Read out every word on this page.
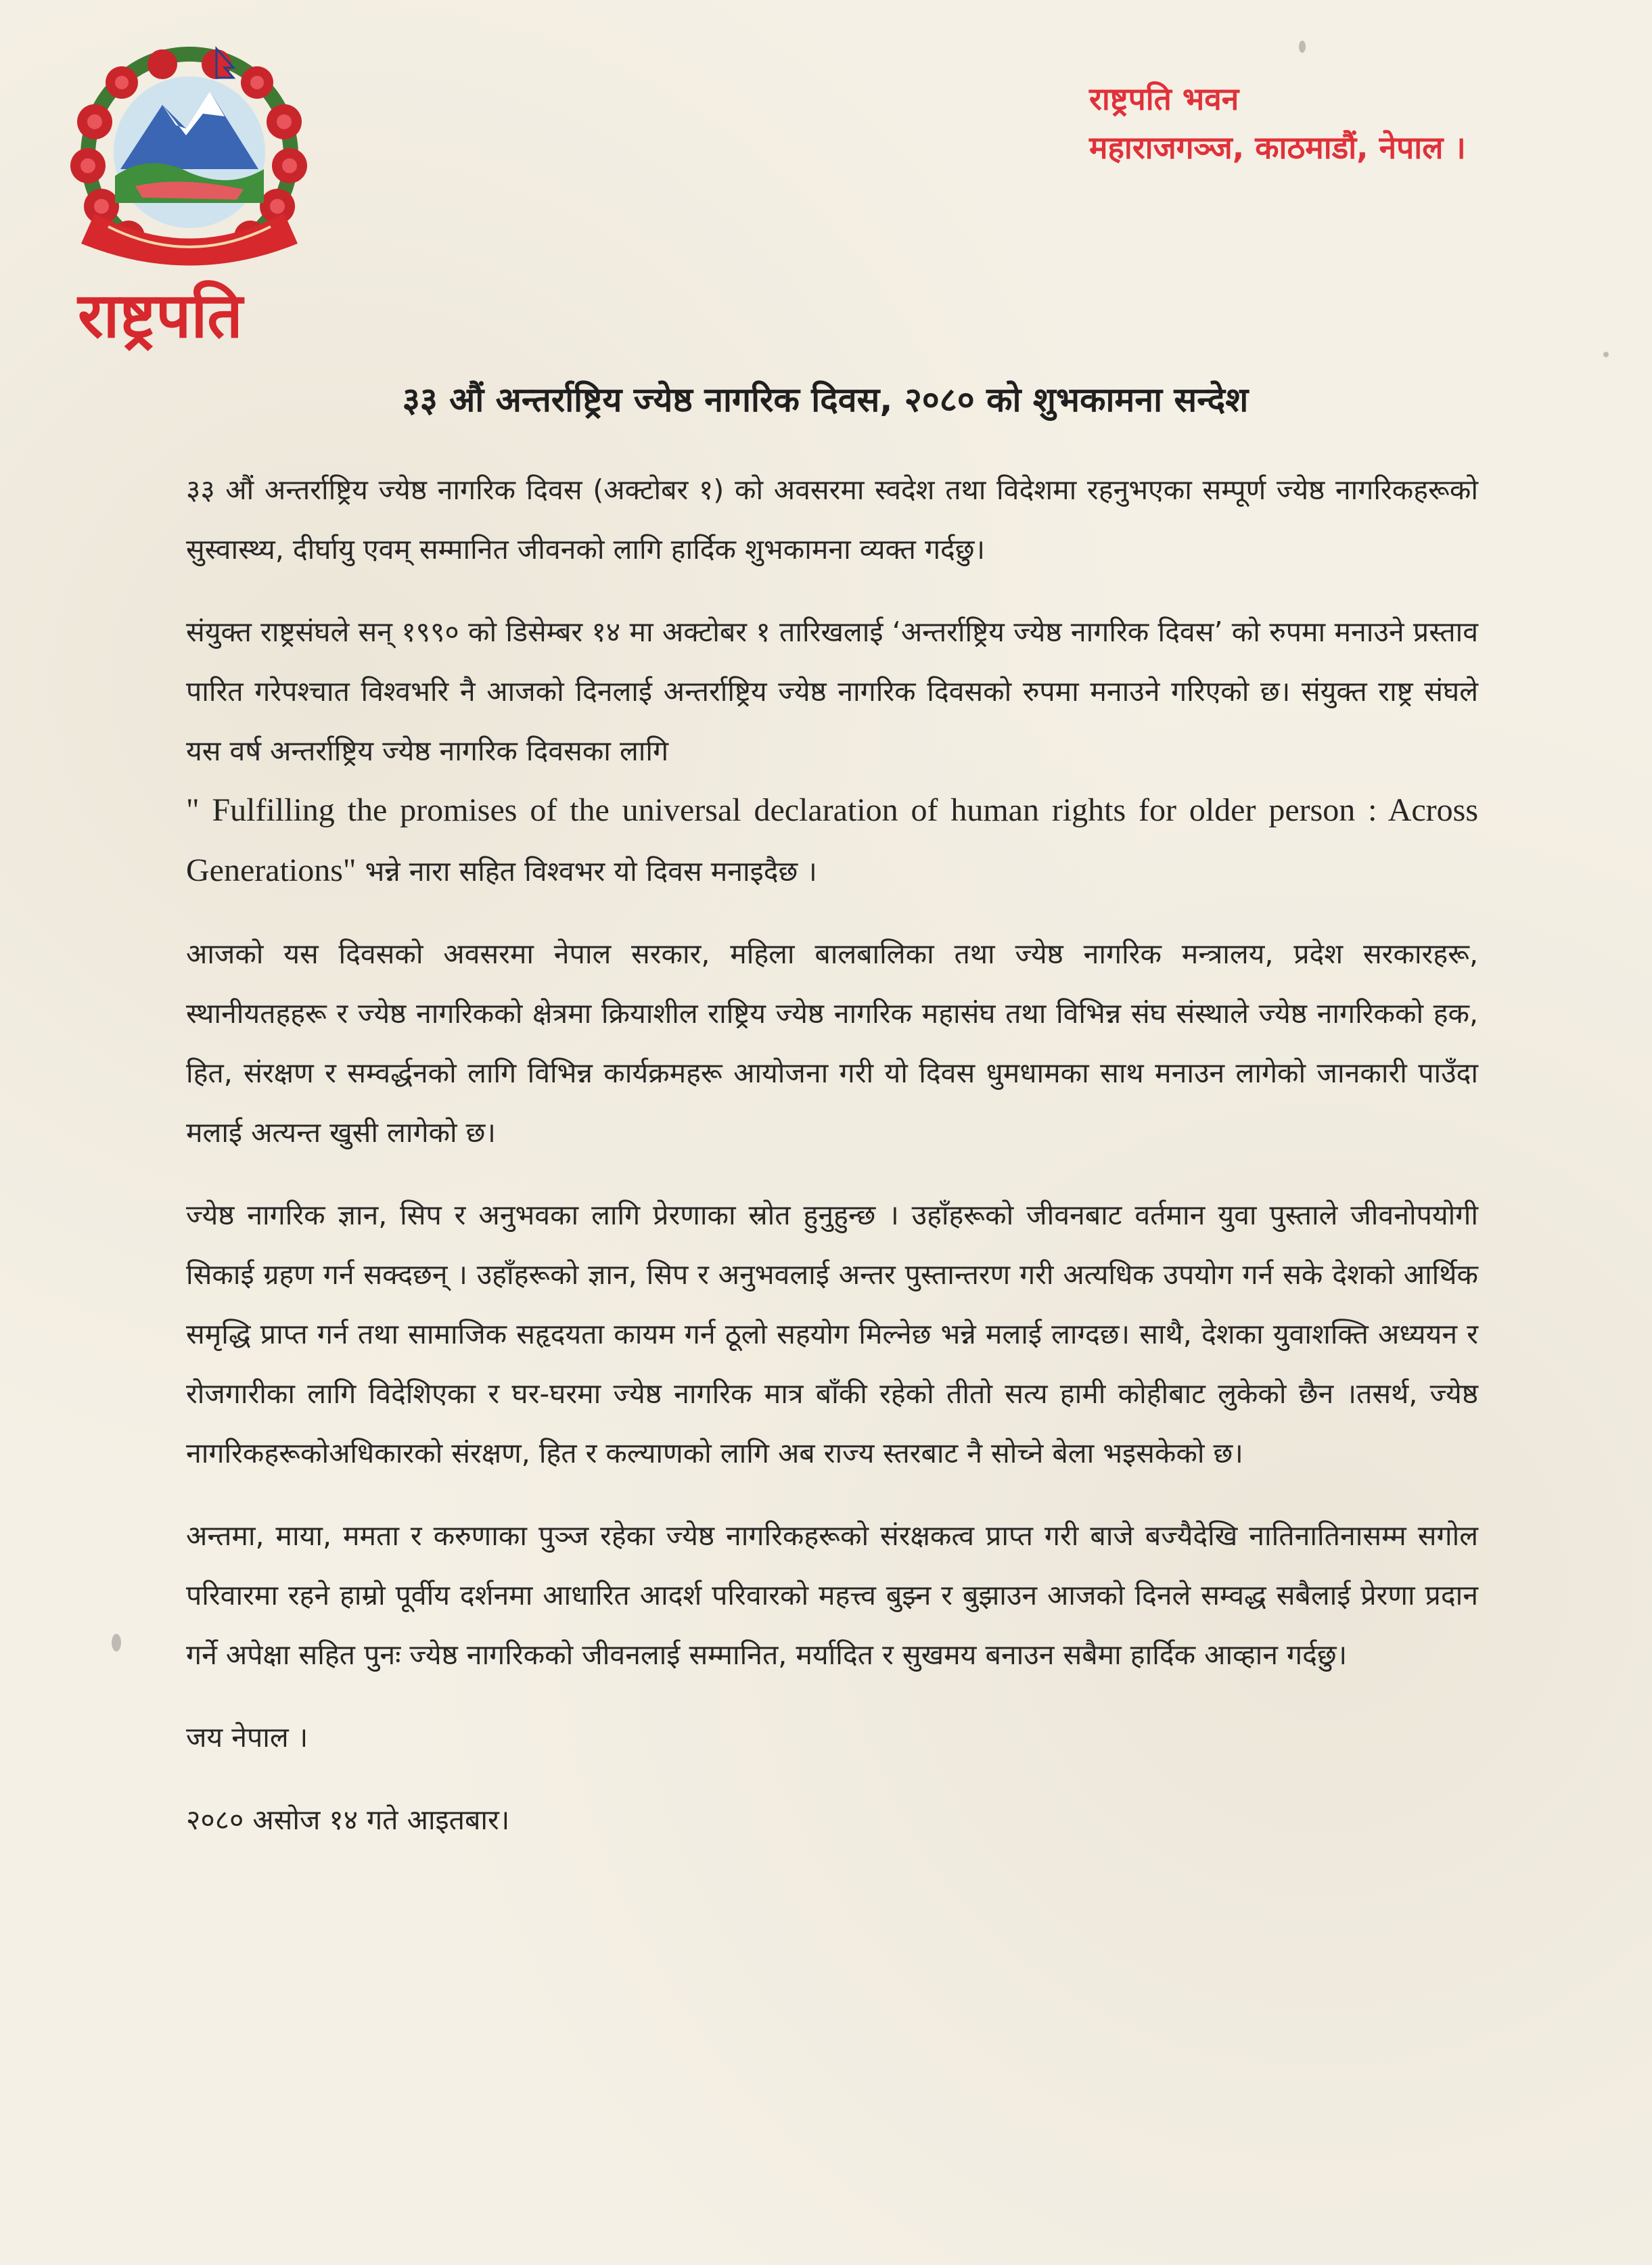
राष्ट्रपति
राष्ट्रपति भवन
महाराजगञ्ज, काठमाडौं, नेपाल ।
३३ औं अन्तर्राष्ट्रिय ज्येष्ठ नागरिक दिवस, २०८० को शुभकामना सन्देश

३३ औं अन्तर्राष्ट्रिय ज्येष्ठ नागरिक दिवस (अक्टोबर १) को अवसरमा स्वदेश तथा विदेशमा रहनुभएका सम्पूर्ण ज्येष्ठ नागरिकहरूको सुस्वास्थ्य, दीर्घायु एवम् सम्मानित जीवनको लागि हार्दिक शुभकामना व्यक्त गर्दछु।

संयुक्त राष्ट्रसंघले सन् १९९० को डिसेम्बर १४ मा अक्टोबर १ तारिखलाई ‘अन्तर्राष्ट्रिय ज्येष्ठ नागरिक दिवस’ को रुपमा मनाउने प्रस्ताव पारित गरेपश्चात विश्वभरि नै आजको दिनलाई अन्तर्राष्ट्रिय ज्येष्ठ नागरिक दिवसको रुपमा मनाउने गरिएको छ। संयुक्त राष्ट्र संघले यस वर्ष अन्तर्राष्ट्रिय ज्येष्ठ नागरिक दिवसका लागि
" Fulfilling the promises of the universal declaration of human rights for older person : Across Generations" भन्ने नारा सहित विश्वभर यो दिवस मनाइदैछ ।

आजको यस दिवसको अवसरमा नेपाल सरकार, महिला बालबालिका तथा ज्येष्ठ नागरिक मन्त्रालय, प्रदेश सरकारहरू, स्थानीयतहहरू र ज्येष्ठ नागरिकको क्षेत्रमा क्रियाशील राष्ट्रिय ज्येष्ठ नागरिक महासंघ तथा विभिन्न संघ संस्थाले ज्येष्ठ नागरिकको हक, हित, संरक्षण र सम्वर्द्धनको लागि विभिन्न कार्यक्रमहरू आयोजना गरी यो दिवस धुमधामका साथ मनाउन लागेको जानकारी पाउँदा मलाई अत्यन्त खुसी लागेको छ।

ज्येष्ठ नागरिक ज्ञान, सिप र अनुभवका लागि प्रेरणाका स्रोत हुनुहुन्छ । उहाँहरूको जीवनबाट वर्तमान युवा पुस्ताले जीवनोपयोगी सिकाई ग्रहण गर्न सक्दछन् । उहाँहरूको ज्ञान, सिप र अनुभवलाई अन्तर पुस्तान्तरण गरी अत्यधिक उपयोग गर्न सके देशको आर्थिक समृद्धि प्राप्त गर्न तथा सामाजिक सहृदयता कायम गर्न ठूलो सहयोग मिल्नेछ भन्ने मलाई लाग्दछ। साथै, देशका युवाशक्ति अध्ययन र रोजगारीका लागि विदेशिएका र घर-घरमा ज्येष्ठ नागरिक मात्र बाँकी रहेको तीतो सत्य हामी कोहीबाट लुकेको छैन ।तसर्थ, ज्येष्ठ नागरिकहरूकोअधिकारको संरक्षण, हित र कल्याणको लागि अब राज्य स्तरबाट नै सोच्ने बेला भइसकेको छ।

अन्तमा, माया, ममता र करुणाका पुञ्ज रहेका ज्येष्ठ नागरिकहरूको संरक्षकत्व प्राप्त गरी बाजे बज्यैदेखि नातिनातिनासम्म सगोल परिवारमा रहने हाम्रो पूर्वीय दर्शनमा आधारित आदर्श परिवारको महत्त्व बुझ्न र बुझाउन आजको दिनले सम्वद्ध सबैलाई प्रेरणा प्रदान गर्ने अपेक्षा सहित पुनः ज्येष्ठ नागरिकको जीवनलाई सम्मानित, मर्यादित र सुखमय बनाउन सबैमा हार्दिक आव्हान गर्दछु।

जय नेपाल ।

२०८० असोज १४ गते आइतबार।
